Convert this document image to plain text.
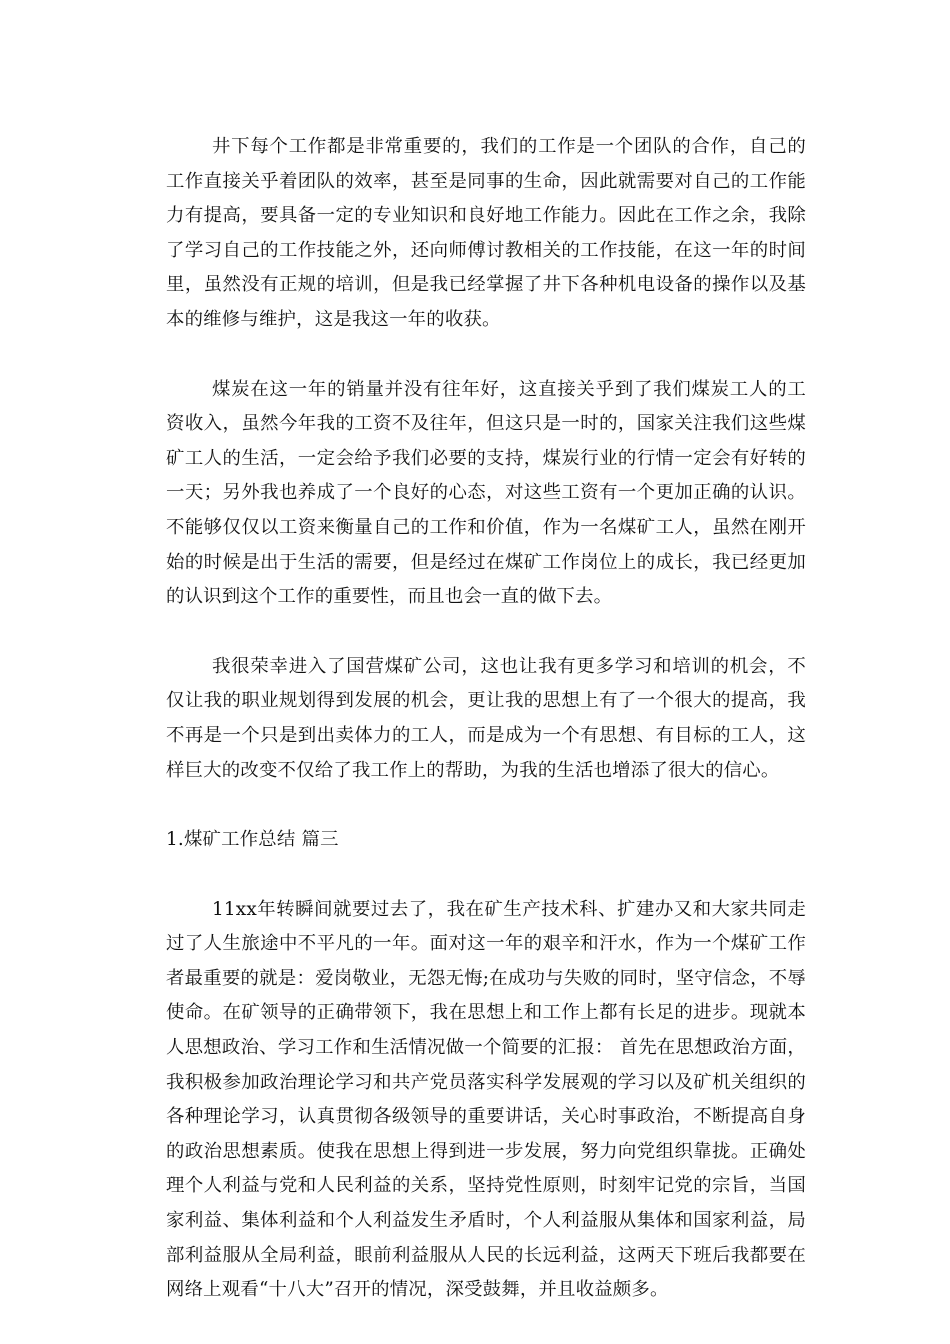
井下每个工作都是非常重要的，我们的工作是一个团队的合作，自己的工作直接关乎着团队的效率，甚至是同事的生命，因此就需要对自己的工作能力有提高，要具备一定的专业知识和良好地工作能力。因此在工作之余，我除了学习自己的工作技能之外，还向师傅讨教相关的工作技能，在这一年的时间里，虽然没有正规的培训，但是我已经掌握了井下各种机电设备的操作以及基本的维修与维护，这是我这一年的收获。

煤炭在这一年的销量并没有往年好，这直接关乎到了我们煤炭工人的工资收入，虽然今年我的工资不及往年，但这只是一时的，国家关注我们这些煤矿工人的生活，一定会给予我们必要的支持，煤炭行业的行情一定会有好转的一天；另外我也养成了一个良好的心态，对这些工资有一个更加正确的认识。不能够仅仅以工资来衡量自己的工作和价值，作为一名煤矿工人，虽然在刚开始的时候是出于生活的需要，但是经过在煤矿工作岗位上的成长，我已经更加的认识到这个工作的重要性，而且也会一直的做下去。

我很荣幸进入了国营煤矿公司，这也让我有更多学习和培训的机会，不仅让我的职业规划得到发展的机会，更让我的思想上有了一个很大的提高，我不再是一个只是到出卖体力的工人，而是成为一个有思想、有目标的工人，这样巨大的改变不仅给了我工作上的帮助，为我的生活也增添了很大的信心。

1.煤矿工作总结 篇三

11xx年转瞬间就要过去了，我在矿生产技术科、扩建办又和大家共同走过了人生旅途中不平凡的一年。面对这一年的艰辛和汗水，作为一个煤矿工作者最重要的就是：爱岗敬业，无怨无悔;在成功与失败的同时，坚守信念，不辱使命。在矿领导的正确带领下，我在思想上和工作上都有长足的进步。现就本人思想政治、学习工作和生活情况做一个简要的汇报： 首先在思想政治方面，我积极参加政治理论学习和共产党员落实科学发展观的学习以及矿机关组织的各种理论学习，认真贯彻各级领导的重要讲话，关心时事政治，不断提高自身的政治思想素质。使我在思想上得到进一步发展，努力向党组织靠拢。正确处理个人利益与党和人民利益的关系，坚持党性原则，时刻牢记党的宗旨，当国家利益、集体利益和个人利益发生矛盾时，个人利益服从集体和国家利益，局部利益服从全局利益，眼前利益服从人民的长远利益，这两天下班后我都要在网络上观看“十八大”召开的情况，深受鼓舞，并且收益颇多。
